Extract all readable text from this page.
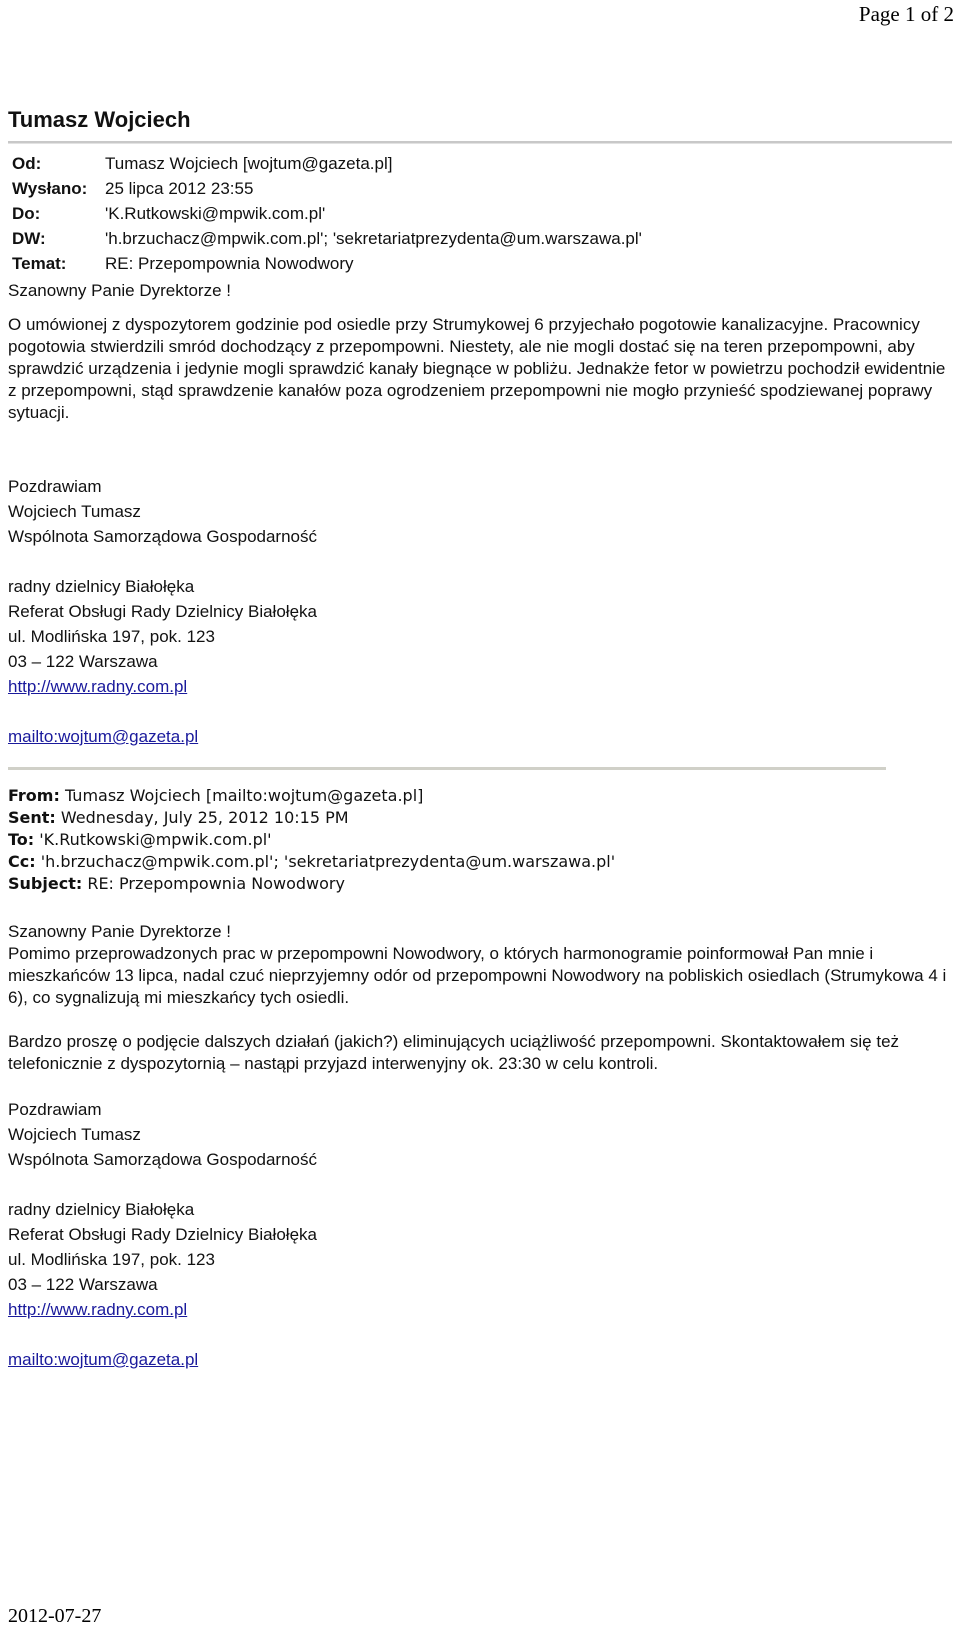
Page 1 of 2
Tumasz Wojciech
Od:	Tumasz Wojciech [wojtum@gazeta.pl]
Wysłano:	25 lipca 2012 23:55
Do:	'K.Rutkowski@mpwik.com.pl'
DW:	'h.brzuchacz@mpwik.com.pl'; 'sekretariatprezydenta@um.warszawa.pl'
Temat:	RE: Przepompownia Nowodwory

Szanowny Panie Dyrektorze !

O umówionej z dyspozytorem godzinie pod osiedle przy Strumykowej 6 przyjechało pogotowie kanalizacyjne. Pracownicy pogotowia stwierdzili smród dochodzący z przepompowni. Niestety, ale nie mogli dostać się na teren przepompowni, aby sprawdzić urządzenia i jedynie mogli sprawdzić kanały biegnące w pobliżu. Jednakże fetor w powietrzu pochodził ewidentnie z przepompowni, stąd sprawdzenie kanałów poza ogrodzeniem przepompowni nie mogło przynieść spodziewanej poprawy sytuacji.

Pozdrawiam

Wojciech Tumasz

Wspólnota Samorządowa Gospodarność

radny dzielnicy Białołęka

Referat Obsługi Rady Dzielnicy Białołęka

ul. Modlińska 197, pok. 123

03 – 122 Warszawa

http://www.radny.com.pl

mailto:wojtum@gazeta.pl

From: Tumasz Wojciech [mailto:wojtum@gazeta.pl]
Sent: Wednesday, July 25, 2012 10:15 PM
To: 'K.Rutkowski@mpwik.com.pl'
Cc: 'h.brzuchacz@mpwik.com.pl'; 'sekretariatprezydenta@um.warszawa.pl'
Subject: RE: Przepompownia Nowodwory

Szanowny Panie Dyrektorze !

Pomimo przeprowadzonych prac w przepompowni Nowodwory, o których harmonogramie poinformował Pan mnie i mieszkańców 13 lipca, nadal czuć nieprzyjemny odór od przepompowni Nowodwory na pobliskich osiedlach (Strumykowa 4 i 6), co sygnalizują mi mieszkańcy tych osiedli.

Bardzo proszę o podjęcie dalszych działań (jakich?) eliminujących uciążliwość przepompowni. Skontaktowałem się też telefonicznie z dyspozytornią – nastąpi przyjazd interwenyjny ok. 23:30 w celu kontroli.

Pozdrawiam

Wojciech Tumasz

Wspólnota Samorządowa Gospodarność

radny dzielnicy Białołęka

Referat Obsługi Rady Dzielnicy Białołęka

ul. Modlińska 197, pok. 123

03 – 122 Warszawa

http://www.radny.com.pl

mailto:wojtum@gazeta.pl

2012-07-27
